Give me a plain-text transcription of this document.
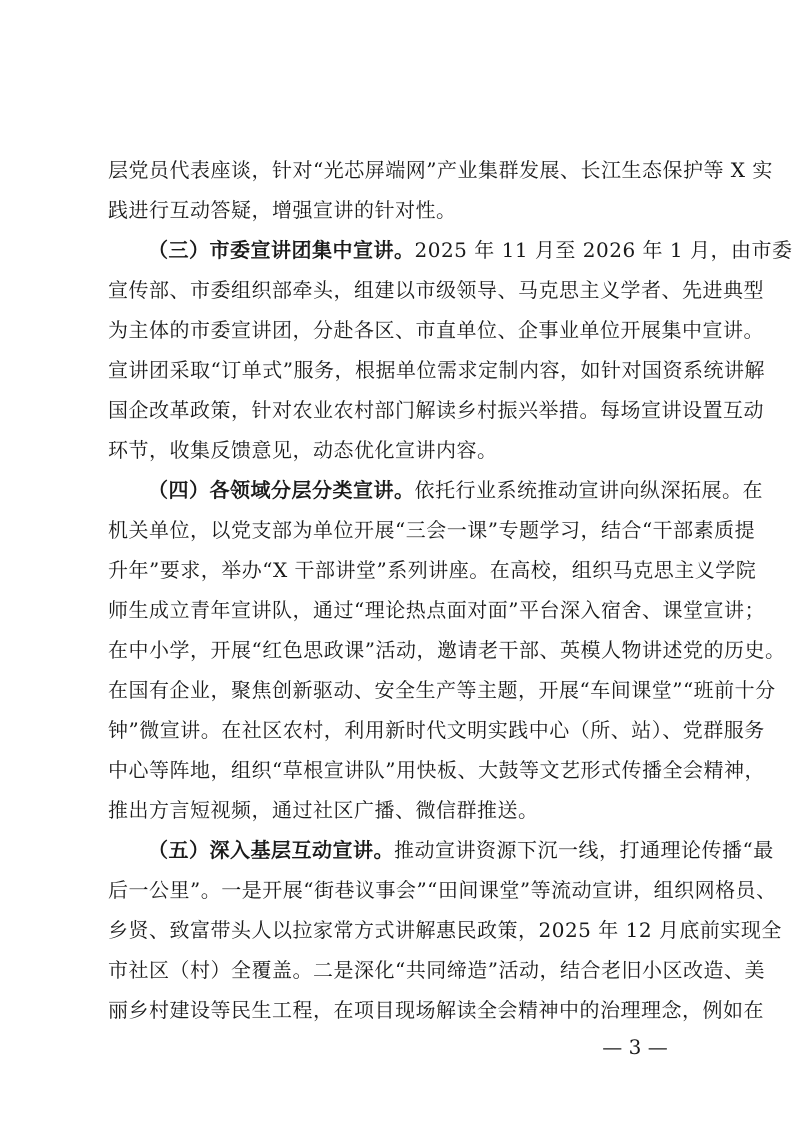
层党员代表座谈，针对“光芯屏端网”产业集群发展、长江生态保护等 X 实
践进行互动答疑，增强宣讲的针对性。
（三）市委宣讲团集中宣讲。2025 年 11 月至 2026 年 1 月，由市委
宣传部、市委组织部牵头，组建以市级领导、马克思主义学者、先进典型
为主体的市委宣讲团，分赴各区、市直单位、企事业单位开展集中宣讲。
宣讲团采取“订单式”服务，根据单位需求定制内容，如针对国资系统讲解
国企改革政策，针对农业农村部门解读乡村振兴举措。每场宣讲设置互动
环节，收集反馈意见，动态优化宣讲内容。
（四）各领域分层分类宣讲。依托行业系统推动宣讲向纵深拓展。在
机关单位，以党支部为单位开展“三会一课”专题学习，结合“干部素质提
升年”要求，举办“X 干部讲堂”系列讲座。在高校，组织马克思主义学院
师生成立青年宣讲队，通过“理论热点面对面”平台深入宿舍、课堂宣讲；
在中小学，开展“红色思政课”活动，邀请老干部、英模人物讲述党的历史。
在国有企业，聚焦创新驱动、安全生产等主题，开展“车间课堂”“班前十分
钟”微宣讲。在社区农村，利用新时代文明实践中心（所、站）、党群服务
中心等阵地，组织“草根宣讲队”用快板、大鼓等文艺形式传播全会精神，
推出方言短视频，通过社区广播、微信群推送。
（五）深入基层互动宣讲。推动宣讲资源下沉一线，打通理论传播“最
后一公里”。一是开展“街巷议事会”“田间课堂”等流动宣讲，组织网格员、
乡贤、致富带头人以拉家常方式讲解惠民政策，2025 年 12 月底前实现全
市社区（村）全覆盖。二是深化“共同缔造”活动，结合老旧小区改造、美
丽乡村建设等民生工程，在项目现场解读全会精神中的治理理念，例如在
— 3 —
